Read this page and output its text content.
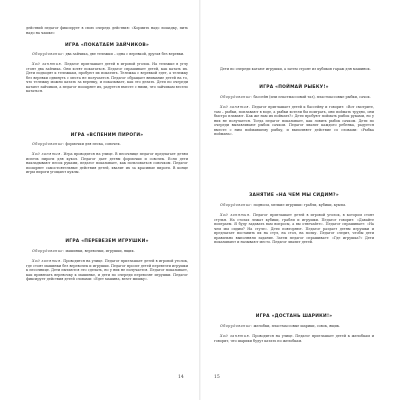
действий педагог фиксирует в свою очередь действия: «Кормить надо лошадку, пить надо на чашке»

ИГРА «ПОКАТАЕМ ЗАЙЧИКОВ»

Оборудование: два зайчика, две тележки – одна с веревкой, другая без веревки.

Ход занятия. Педагог приглашает детей в игровой уголок. На тележке в углу стоят два зайчика. Они хотят покататься. Педагог спрашивает детей, как катать их. Дети подходят к тележкам, пробуют их покатить. Тележка с веревкой едет, а тележку без веревки сдвинуть с места не получается. Педагог обращает внимание детей на то, что тележку можно катать за веревку, и показывает, как это делать. Дети по очереди катают зайчиков, а педагог поощряет их, радуется вместе с ними, что зайчикам весело кататься.

ИГРА «ВСПЕНИМ ПИРОГИ»

Оборудование: формочки для песка, совочек.

Ход занятия. Игра проводится на улице. В песочнице педагог предлагает детям испечь пироги для кукол. Педагог дает детям формочки и совочек. Если дети накладывают песок руками, педагог показывает, как пользоваться совочком. Педагог поощряет самостоятельные действия детей, хвалит их за красивые пироги. В конце игры пироги угощают куклы.

ИГРА «ПЕРЕВЕЗЕМ ИГРУШКИ»

Оборудование: машинки, веревочки, игрушки, ящик.

Ход занятия. Проводится на улице. Педагог приглашает детей в игровой уголок, где стоят машинки без веревочек и игрушки. Педагог просит детей перевезти игрушки к песочнице. Дети пытаются это сделать, но у них не получается. Педагог показывает, как привязать веревочку к машинке, и дети по очереди перевозят игрушки. Педагог фиксирует действия детей словами: «Едет машина, везет мишку».

14

Дети по очереди катают игрушки, а затем строят из кубиков гараж для машинок.

ИГРА «ПОЙМАЙ РЫБКУ!»

Оборудование: бассейн (или пластмассовый таз), пластмассовые рыбки, сачок.

Ход занятия. Педагог приглашает детей к бассейну и говорит: «Вот смотрите, там – рыбки, поплавают в воде, а рыбки хотели бы поиграть, они поймать трудно, они быстро плавают. Как же нам их поймать?» Дети пробуют поймать рыбок руками, но у них не получается. Тогда педагог показывает, как ловить рыбок сачком. Дети по очереди вылавливают рыбок сачком. Педагог хвалит каждого ребенка, радуется вместе с ним поймавшему рыбку, и выполняет действие со словами: «Рыбка поймана».

ЗАНЯТИЕ «НА ЧЕМ МЫ СИДИМ?»

Оборудование: подносы, мелкие игрушки: грабли, кубики, куклы.

Ход занятия. Педагог приглашает детей в игровой уголок, в котором стоят стулья. На столах лежат кубики, грабли и игрушки. Педагог говорит: «Давайте поиграем. Я буду задавать вам вопросы, а вы отвечайте». Педагог спрашивает: «На чем мы сидим? На стуле». Дети повторяют. Педагог раздает детям игрушки и предлагает поставить их на стул, на стол, на полку. Педагог следит, чтобы дети правильно выполняли задание. Затем педагог спрашивает: «Где игрушка?» Дети показывают и называют место. Педагог хвалит детей.

ИГРА «ДОСТАНЬ ШАРИКИ!»

Оборудование: желобки, пластмассовые шарики, совок, ящик.

Ход занятия. Проводится на улице. Педагог приглашает детей к желобкам и говорит, что шарики будут катать по желобкам.

15
